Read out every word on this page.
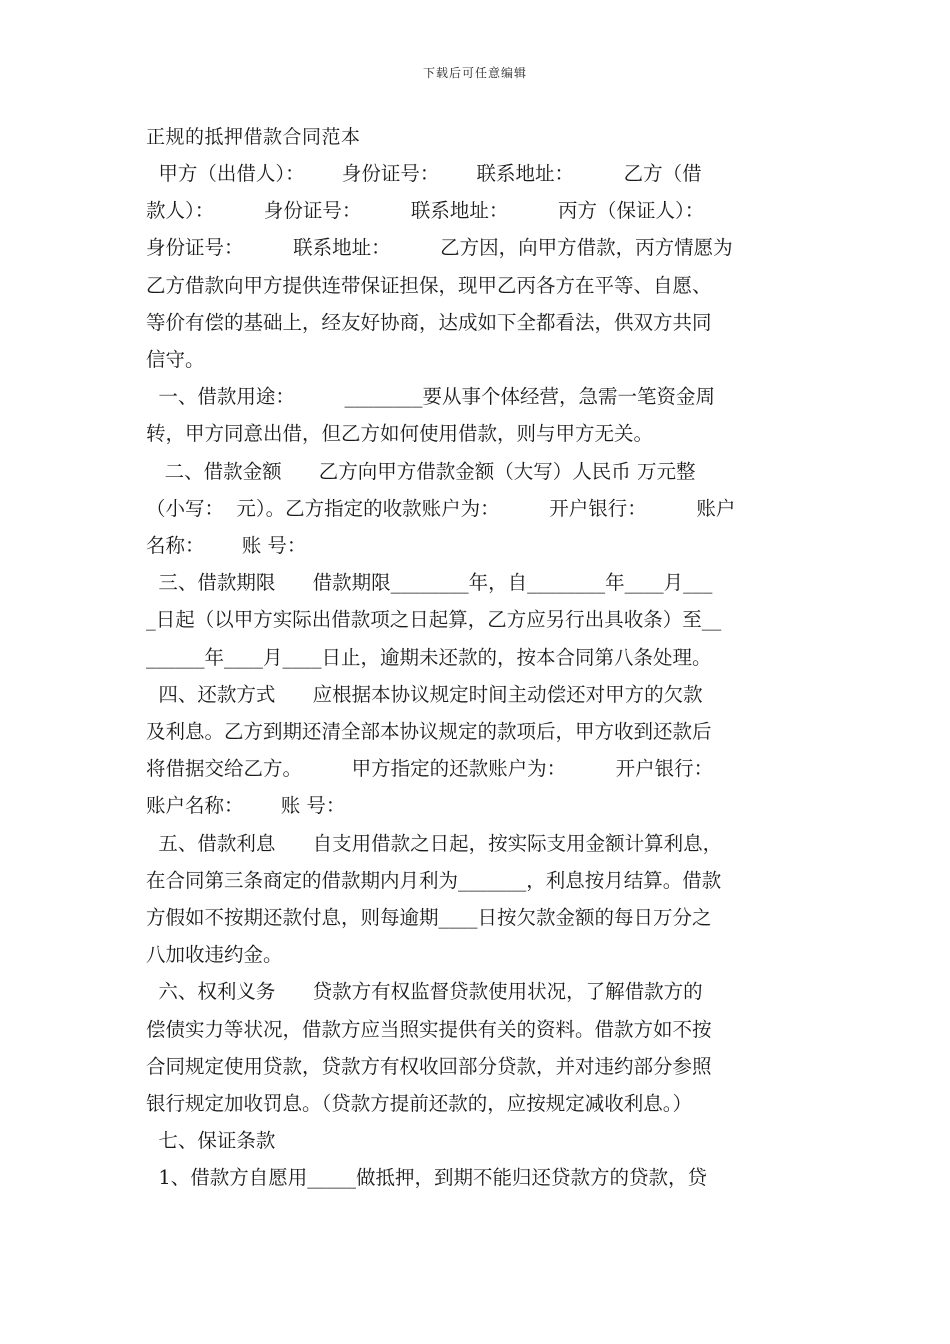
下载后可任意编辑
正规的抵押借款合同范本
甲方（出借人）：      身份证号：      联系地址：        乙方（借
款人）：        身份证号：        联系地址：        丙方（保证人）：
身份证号：        联系地址：        乙方因，向甲方借款，丙方情愿为
乙方借款向甲方提供连带保证担保，现甲乙丙各方在平等、自愿、
等价有偿的基础上，经友好协商，达成如下全都看法，供双方共同
信守。
一、借款用途：        ________要从事个体经营，急需一笔资金周
转，甲方同意出借，但乙方如何使用借款，则与甲方无关。
二、借款金额      乙方向甲方借款金额（大写）人民币 万元整
（小写：  元）。乙方指定的收款账户为：        开户银行：        账户
名称：      账 号：
三、借款期限      借款期限________年，自________年____月___
_日起（以甲方实际出借款项之日起算，乙方应另行出具收条）至__
______年____月____日止，逾期未还款的，按本合同第八条处理。
四、还款方式      应根据本协议规定时间主动偿还对甲方的欠款
及利息。乙方到期还清全部本协议规定的款项后，甲方收到还款后
将借据交给乙方。        甲方指定的还款账户为：        开户银行：
账户名称：      账 号：
五、借款利息      自支用借款之日起，按实际支用金额计算利息，
在合同第三条商定的借款期内月利为_______，利息按月结算。借款
方假如不按期还款付息，则每逾期____日按欠款金额的每日万分之
八加收违约金。
六、权利义务      贷款方有权监督贷款使用状况，了解借款方的
偿债实力等状况，借款方应当照实提供有关的资料。借款方如不按
合同规定使用贷款，贷款方有权收回部分贷款，并对违约部分参照
银行规定加收罚息。（贷款方提前还款的，应按规定减收利息。）
七、保证条款
1、借款方自愿用_____做抵押，到期不能归还贷款方的贷款，贷
